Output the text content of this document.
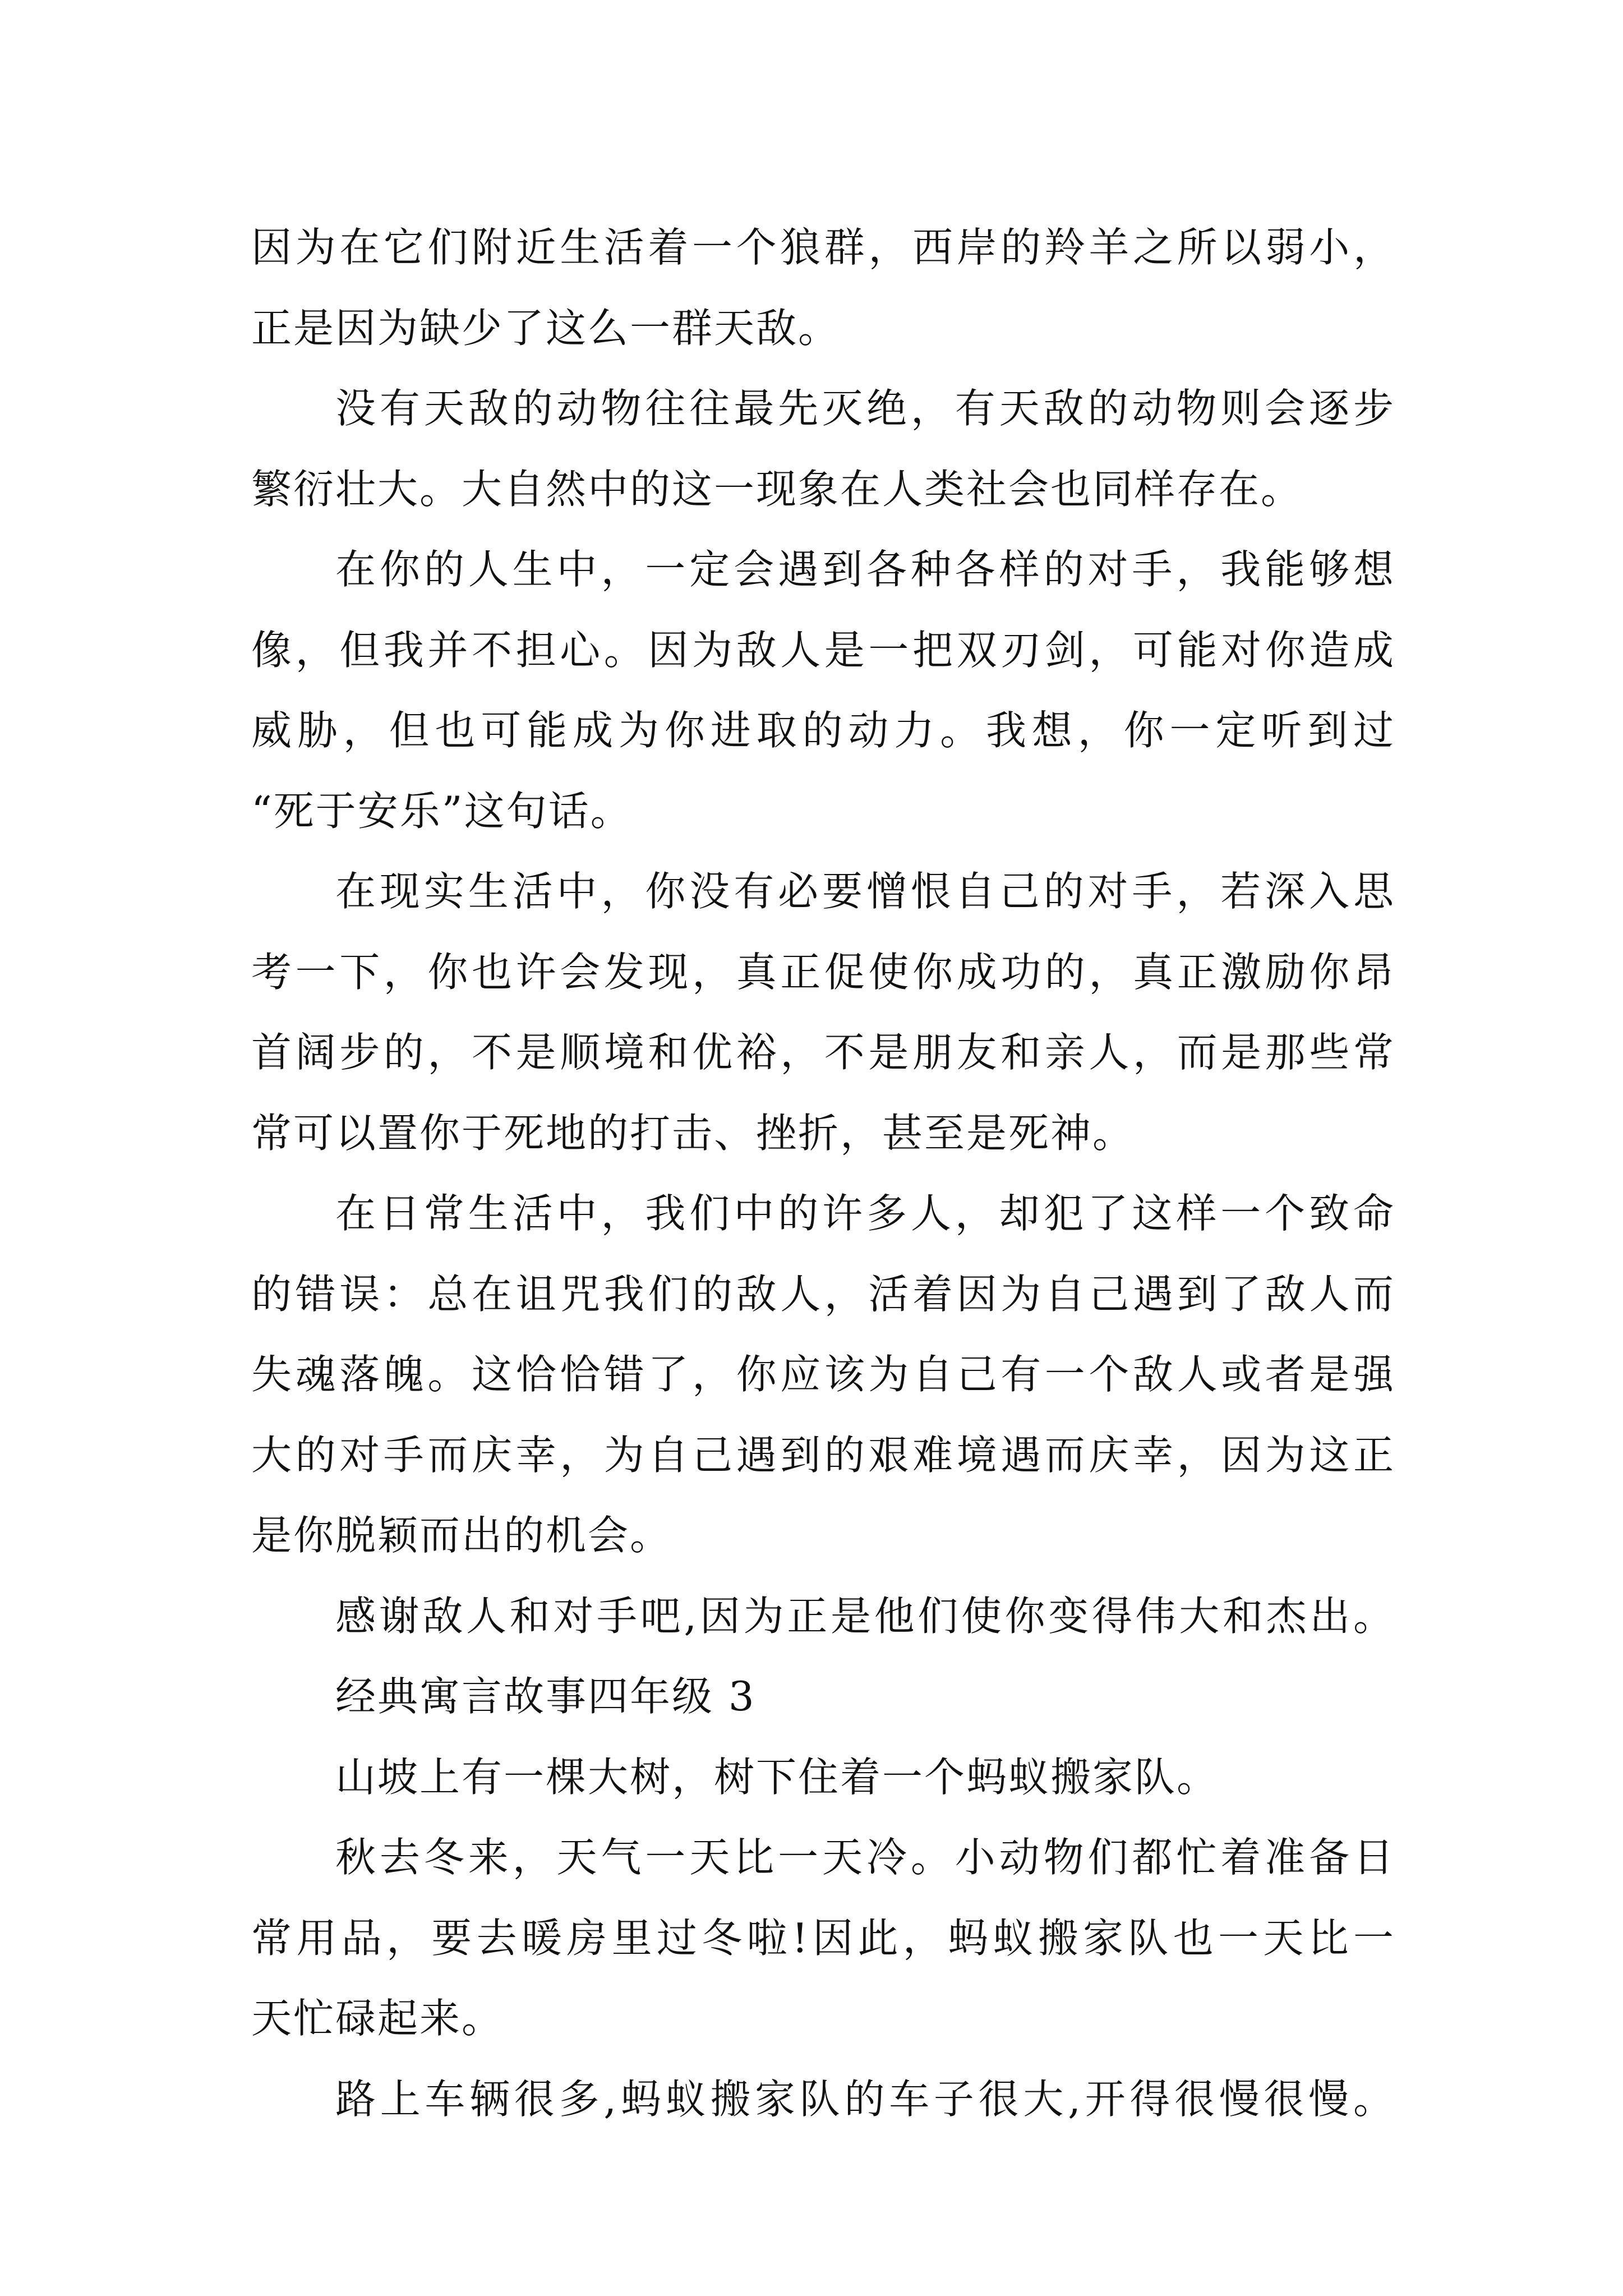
因为在它们附近生活着一个狼群，西岸的羚羊之所以弱小，
正是因为缺少了这么一群天敌。
没有天敌的动物往往最先灭绝，有天敌的动物则会逐步
繁衍壮大。大自然中的这一现象在人类社会也同样存在。
在你的人生中，一定会遇到各种各样的对手，我能够想
像，但我并不担心。因为敌人是一把双刃剑，可能对你造成
威胁，但也可能成为你进取的动力。我想，你一定听到过
“死于安乐”这句话。
在现实生活中，你没有必要憎恨自己的对手，若深入思
考一下，你也许会发现，真正促使你成功的，真正激励你昂
首阔步的，不是顺境和优裕，不是朋友和亲人，而是那些常
常可以置你于死地的打击、挫折，甚至是死神。
在日常生活中，我们中的许多人，却犯了这样一个致命
的错误：总在诅咒我们的敌人，活着因为自己遇到了敌人而
失魂落魄。这恰恰错了，你应该为自己有一个敌人或者是强
大的对手而庆幸，为自己遇到的艰难境遇而庆幸，因为这正
是你脱颖而出的机会。
感谢敌人和对手吧,因为正是他们使你变得伟大和杰出。
经典寓言故事四年级 3
山坡上有一棵大树，树下住着一个蚂蚁搬家队。
秋去冬来，天气一天比一天冷。小动物们都忙着准备日
常用品，要去暖房里过冬啦!因此，蚂蚁搬家队也一天比一
天忙碌起来。
路上车辆很多,蚂蚁搬家队的车子很大,开得很慢很慢。
